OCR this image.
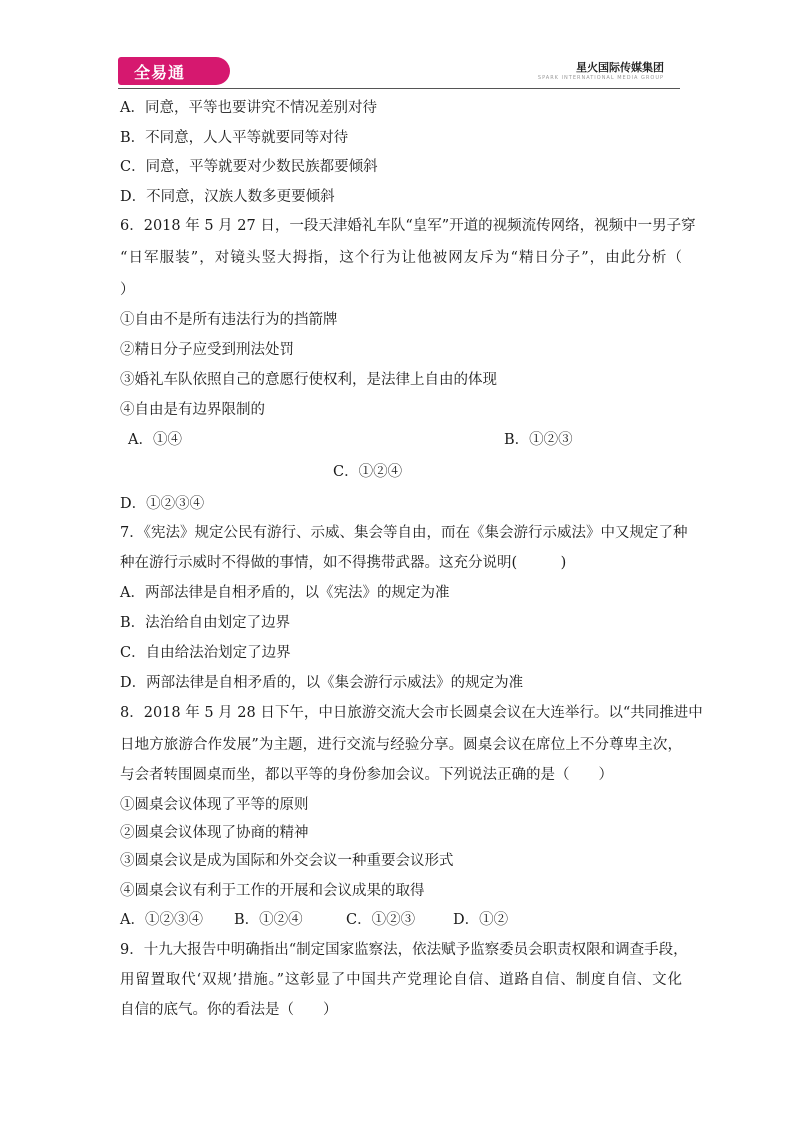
全易通	星火国际传媒集团
SPARK INTERNATIONAL MEDIA GROUP
A．同意，平等也要讲究不情况差别对待
B．不同意，人人平等就要同等对待
C．同意，平等就要对少数民族都要倾斜
D．不同意，汉族人数多更要倾斜
6．2018 年 5 月 27 日，一段天津婚礼车队“皇军”开道的视频流传网络，视频中一男子穿
“日军服装”，对镜头竖大拇指，这个行为让他被网友斥为“精日分子”，由此分析（
）
①自由不是所有违法行为的挡箭牌
②精日分子应受到刑法处罚
③婚礼车队依照自己的意愿行使权利，是法律上自由的体现
④自由是有边界限制的
A．①④	B．①②③
C．①②④
D．①②③④
7．《宪法》规定公民有游行、示威、集会等自由，而在《集会游行示威法》中又规定了种
种在游行示威时不得做的事情，如不得携带武器。这充分说明(　　　)
A．两部法律是自相矛盾的，以《宪法》的规定为准
B．法治给自由划定了边界
C．自由给法治划定了边界
D．两部法律是自相矛盾的，以《集会游行示威法》的规定为准
8．2018 年 5 月 28 日下午，中日旅游交流大会市长圆桌会议在大连举行。以“共同推进中
日地方旅游合作发展”为主题，进行交流与经验分享。圆桌会议在席位上不分尊卑主次，
与会者转围圆桌而坐，都以平等的身份参加会议。下列说法正确的是（　　）
①圆桌会议体现了平等的原则
②圆桌会议体现了协商的精神
③圆桌会议是成为国际和外交会议一种重要会议形式
④圆桌会议有利于工作的开展和会议成果的取得
A．①②③④ B．①②④	C．①②③	D．①②
9．十九大报告中明确指出“制定国家监察法，依法赋予监察委员会职责权限和调查手段，
用留置取代‘双规’措施。”这彰显了中国共产党理论自信、道路自信、制度自信、文化
自信的底气。你的看法是（　　）
